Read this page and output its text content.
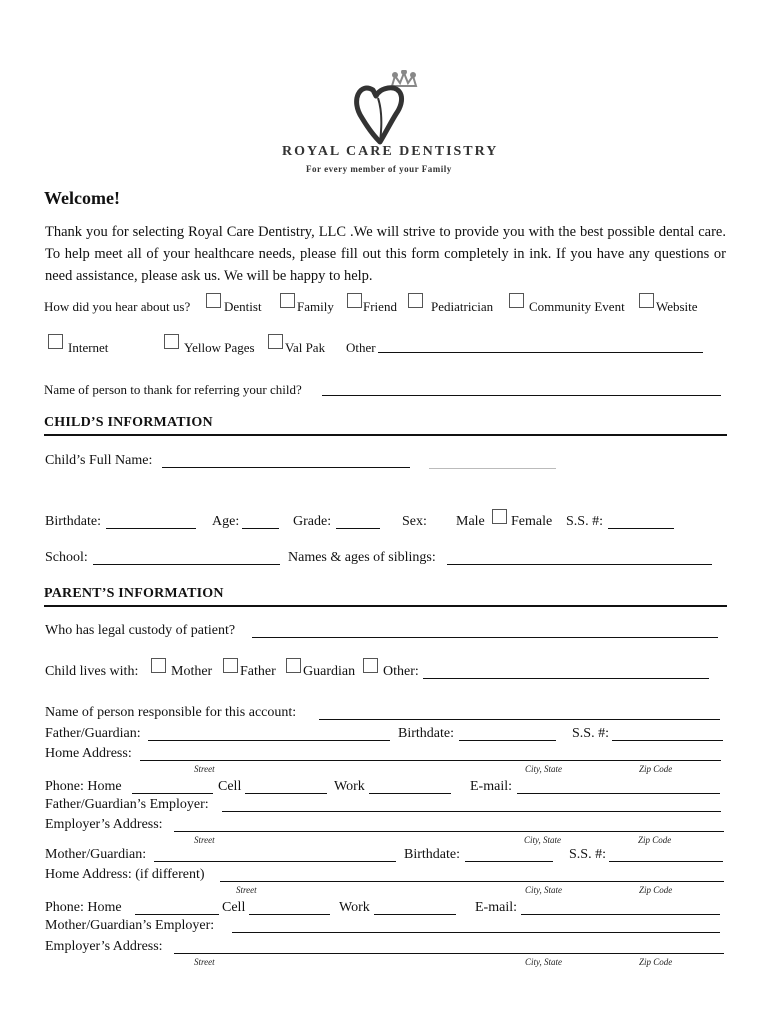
ROYAL CARE DENTISTRY
For every member of your Family
Welcome!
Thank you for selecting Royal Care Dentistry, LLC .We will strive to provide you with the best possible dental care. To help meet all of your healthcare needs, please fill out this form completely in ink. If you have any questions or need assistance, please ask us. We will be happy to help.
How did you hear about us?	Dentist	Family Friend	Pediatrician	Community Event Website
Internet	Yellow Pages Val Pak Other
Name of person to thank for referring your child?
CHILD’S INFORMATION
Child’s Full Name:
Birthdate:	Age:	Grade:	Sex: Male Female S.S. #:
School:	Names & ages of siblings:
PARENT’S INFORMATION
Who has legal custody of patient?
Child lives with: Mother Father Guardian Other:
Name of person responsible for this account:
Father/Guardian:	Birthdate:	S.S. #:
Home Address:
Street	City, State	Zip Code
Phone: Home	Cell	Work	E-mail:
Father/Guardian’s Employer:
Employer’s Address:
Street	City, State	Zip Code
Mother/Guardian:	Birthdate:	S.S. #:
Home Address: (if different)
Street	City, State	Zip Code
Phone: Home	Cell	Work	E-mail:
Mother/Guardian’s Employer:
Employer’s Address:
Street	City, State	Zip Code
